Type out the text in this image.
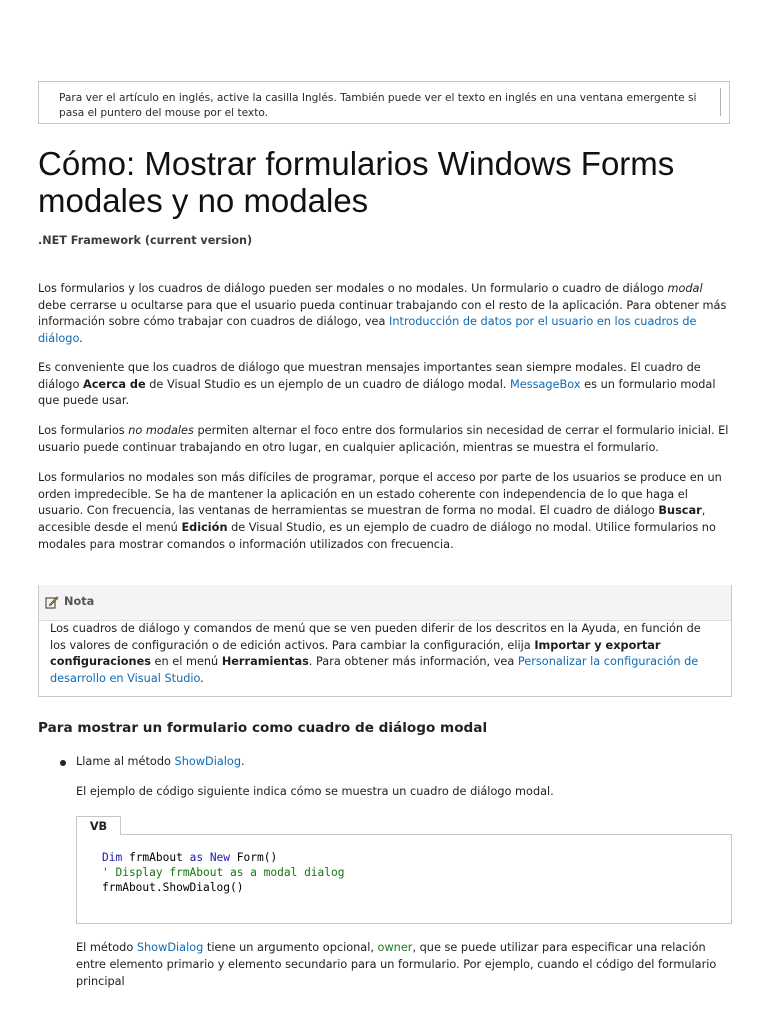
Para ver el artículo en inglés, active la casilla Inglés. También puede ver el texto en inglés en una ventana emergente si pasa el puntero del mouse por el texto.
Cómo: Mostrar formularios Windows Forms modales y no modales
.NET Framework (current version)
Los formularios y los cuadros de diálogo pueden ser modales o no modales. Un formulario o cuadro de diálogo modal debe cerrarse u ocultarse para que el usuario pueda continuar trabajando con el resto de la aplicación. Para obtener más información sobre cómo trabajar con cuadros de diálogo, vea Introducción de datos por el usuario en los cuadros de diálogo.
Es conveniente que los cuadros de diálogo que muestran mensajes importantes sean siempre modales. El cuadro de diálogo Acerca de de Visual Studio es un ejemplo de un cuadro de diálogo modal. MessageBox es un formulario modal que puede usar.
Los formularios no modales permiten alternar el foco entre dos formularios sin necesidad de cerrar el formulario inicial. El usuario puede continuar trabajando en otro lugar, en cualquier aplicación, mientras se muestra el formulario.
Los formularios no modales son más difíciles de programar, porque el acceso por parte de los usuarios se produce en un orden impredecible. Se ha de mantener la aplicación en un estado coherente con independencia de lo que haga el usuario. Con frecuencia, las ventanas de herramientas se muestran de forma no modal. El cuadro de diálogo Buscar, accesible desde el menú Edición de Visual Studio, es un ejemplo de cuadro de diálogo no modal. Utilice formularios no modales para mostrar comandos o información utilizados con frecuencia.
Nota
Los cuadros de diálogo y comandos de menú que se ven pueden diferir de los descritos en la Ayuda, en función de los valores de configuración o de edición activos. Para cambiar la configuración, elija Importar y exportar configuraciones en el menú Herramientas. Para obtener más información, vea Personalizar la configuración de desarrollo en Visual Studio.
Para mostrar un formulario como cuadro de diálogo modal
Llame al método ShowDialog.
El ejemplo de código siguiente indica cómo se muestra un cuadro de diálogo modal.
VB
Dim frmAbout as New Form()
' Display frmAbout as a modal dialog
frmAbout.ShowDialog()
El método ShowDialog tiene un argumento opcional, owner, que se puede utilizar para especificar una relación entre elemento primario y elemento secundario para un formulario. Por ejemplo, cuando el código del formulario principal
